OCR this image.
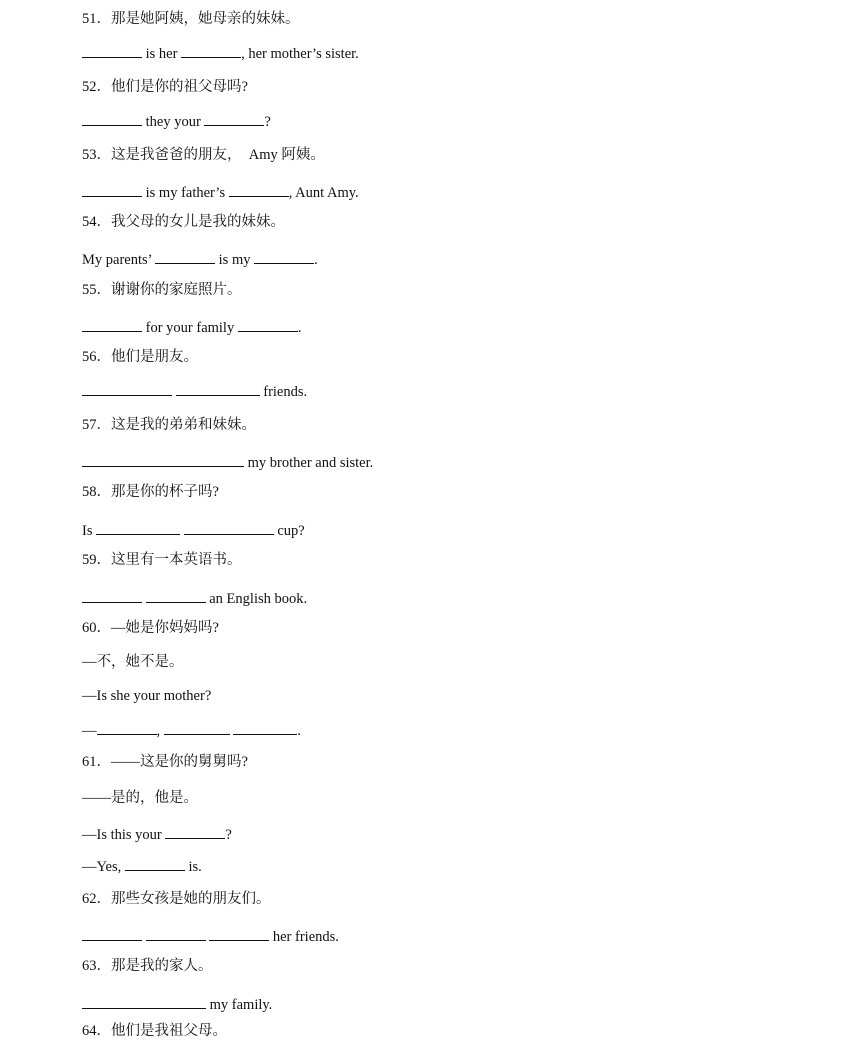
51．那是她阿姨，她母亲的妹妹。
is her	, her mother’s sister.
52．他们是你的祖父母吗?
they your	?
53．这是我爸爸的朋友，　Amy 阿姨。
is my father’s	, Aunt Amy.
54．我父母的女儿是我的妹妹。
My parents’	is my	.
55．谢谢你的家庭照片。
for your family	.
56．他们是朋友。
friends.
57．这是我的弟弟和妹妹。
my brother and sister.
58．那是你的杯子吗?
Is	cup?
59．这里有一本英语书。
an English book.
60．—她是你妈妈吗?
—不，她不是。
—Is she your mother?
—	,	.
61．——这是你的舅舅吗?
——是的，他是。
—Is this your	?
—Yes,	is.
62．那些女孩是她的朋友们。
her friends.
63．那是我的家人。
my family.
64．他们是我祖父母。
